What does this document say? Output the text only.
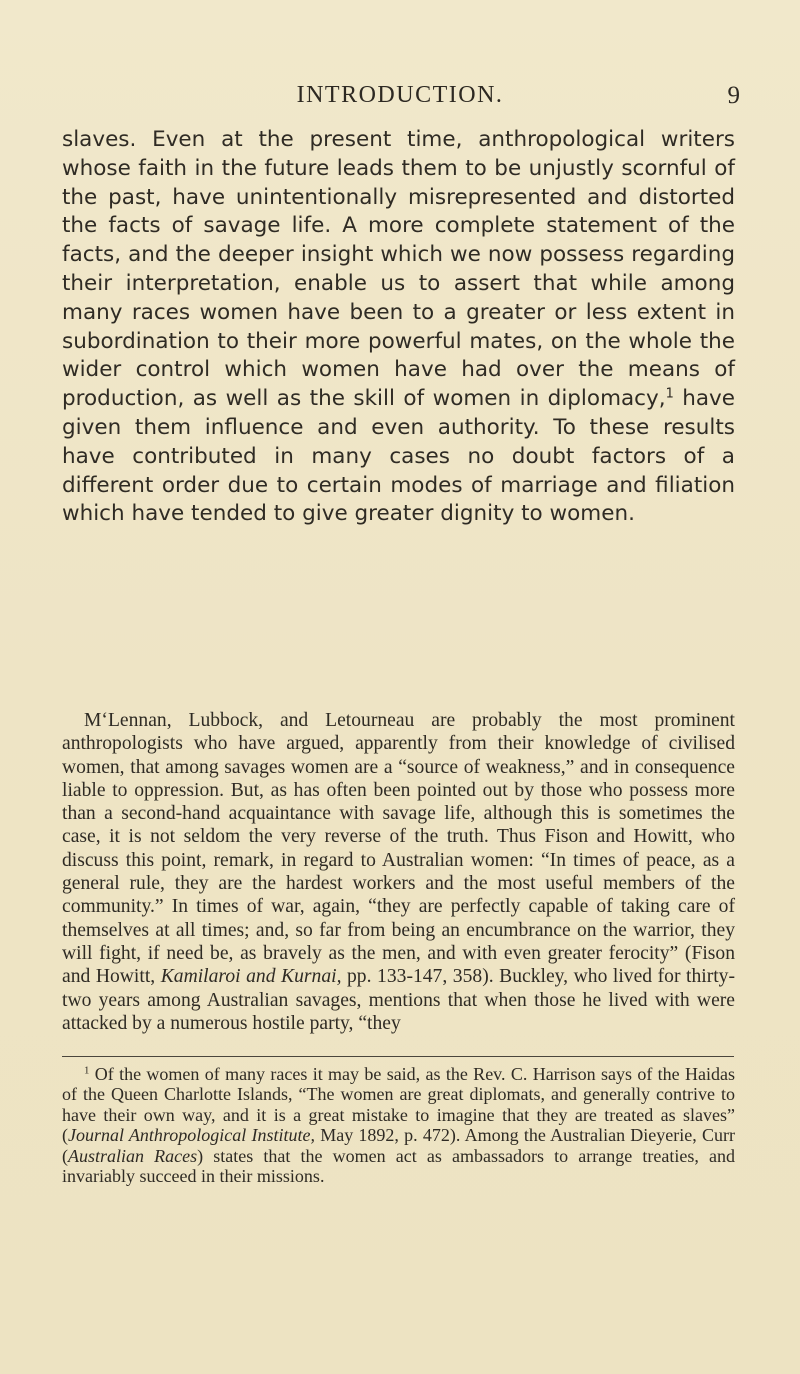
INTRODUCTION.	9

slaves. Even at the present time, anthropological writers whose faith in the future leads them to be unjustly scornful of the past, have unintentionally misrepresented and distorted the facts of savage life. A more complete statement of the facts, and the deeper insight which we now possess regarding their interpretation, enable us to assert that while among many races women have been to a greater or less extent in subordination to their more powerful mates, on the whole the wider control which women have had over the means of production, as well as the skill of women in diplomacy,$^1$ have given them influence and even authority. To these results have contributed in many cases no doubt factors of a different order due to certain modes of marriage and filiation which have tended to give greater dignity to women.

M‘Lennan, Lubbock, and Letourneau are probably the most prominent anthropologists who have argued, apparently from their knowledge of civilised women, that among savages women are a “source of weakness,” and in consequence liable to oppression. But, as has often been pointed out by those who possess more than a second-hand acquaintance with savage life, although this is sometimes the case, it is not seldom the very reverse of the truth. Thus Fison and Howitt, who discuss this point, remark, in regard to Australian women: “In times of peace, as a general rule, they are the hardest workers and the most useful members of the community.” In times of war, again, “they are perfectly capable of taking care of themselves at all times; and, so far from being an encumbrance on the warrior, they will fight, if need be, as bravely as the men, and with even greater ferocity” (Fison and Howitt, Kamilaroi and Kurnai, pp. 133-147, 358). Buckley, who lived for thirty-two years among Australian savages, mentions that when those he lived with were attacked by a numerous hostile party, “they

$^1$ Of the women of many races it may be said, as the Rev. C. Harrison says of the Haidas of the Queen Charlotte Islands, “The women are great diplomats, and generally contrive to have their own way, and it is a great mistake to imagine that they are treated as slaves” (Journal Anthropological Institute, May 1892, p. 472). Among the Australian Dieyerie, Curr (Australian Races) states that the women act as ambassadors to arrange treaties, and invariably succeed in their missions.
